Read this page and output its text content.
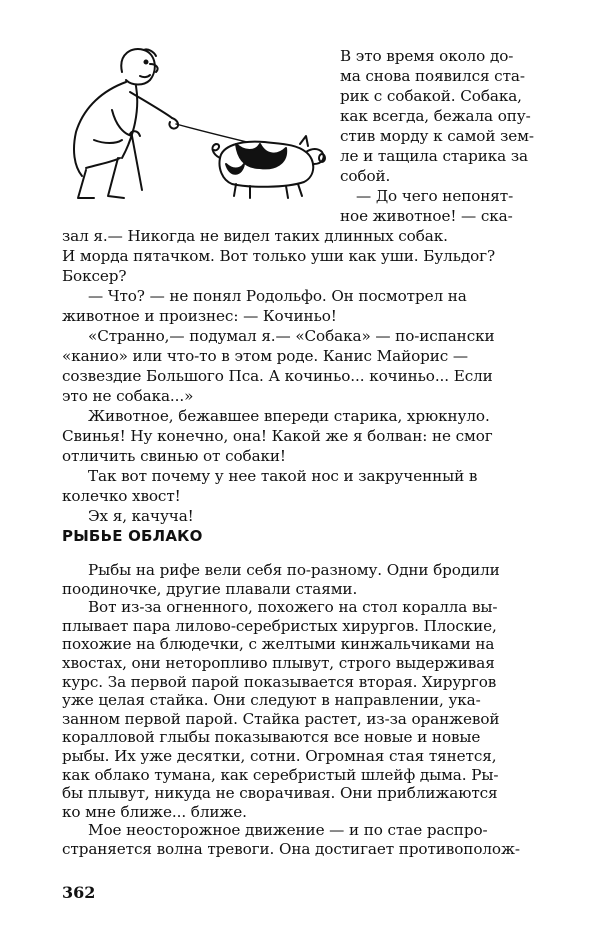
В это время около до-
ма снова появился ста-
рик с собакой. Собака,
как всегда, бежала опу-
стив морду к самой зем-
ле и тащила старика за
собой.
— До чего непонят-
ное животное! — ска-
зал я.— Никогда не видел таких длинных собак.
И морда пятачком. Вот только уши как уши. Бульдог?
Боксер?
— Что? — не понял Родольфо. Он посмотрел на
животное и произнес: — Кочиньо!
«Странно,— подумал я.— «Собака» — по-испански
«канио» или что-то в этом роде. Канис Майорис —
созвездие Большого Пса. А кочиньо... кочиньо... Если
это не собака...»
Животное, бежавшее впереди старика, хрюкнуло.
Свинья! Ну конечно, она! Какой же я болван: не смог
отличить свинью от собаки!
Так вот почему у нее такой нос и закрученный в
колечко хвост!
Эх я, качуча!
РЫБЬЕ ОБЛАКО
Рыбы на рифе вели себя по-разному. Одни бродили
поодиночке, другие плавали стаями.
Вот из-за огненного, похожего на стол коралла вы-
плывает пара лилово-серебристых хирургов. Плоские,
похожие на блюдечки, с желтыми кинжальчиками на
хвостах, они неторопливо плывут, строго выдерживая
курс. За первой парой показывается вторая. Хирургов
уже целая стайка. Они следуют в направлении, ука-
занном первой парой. Стайка растет, из-за оранжевой
коралловой глыбы показываются все новые и новые
рыбы. Их уже десятки, сотни. Огромная стая тянется,
как облако тумана, как серебристый шлейф дыма. Ры-
бы плывут, никуда не сворачивая. Они приближаются
ко мне ближе... ближе.
Мое неосторожное движение — и по стае распро-
страняется волна тревоги. Она достигает противополож-
362
